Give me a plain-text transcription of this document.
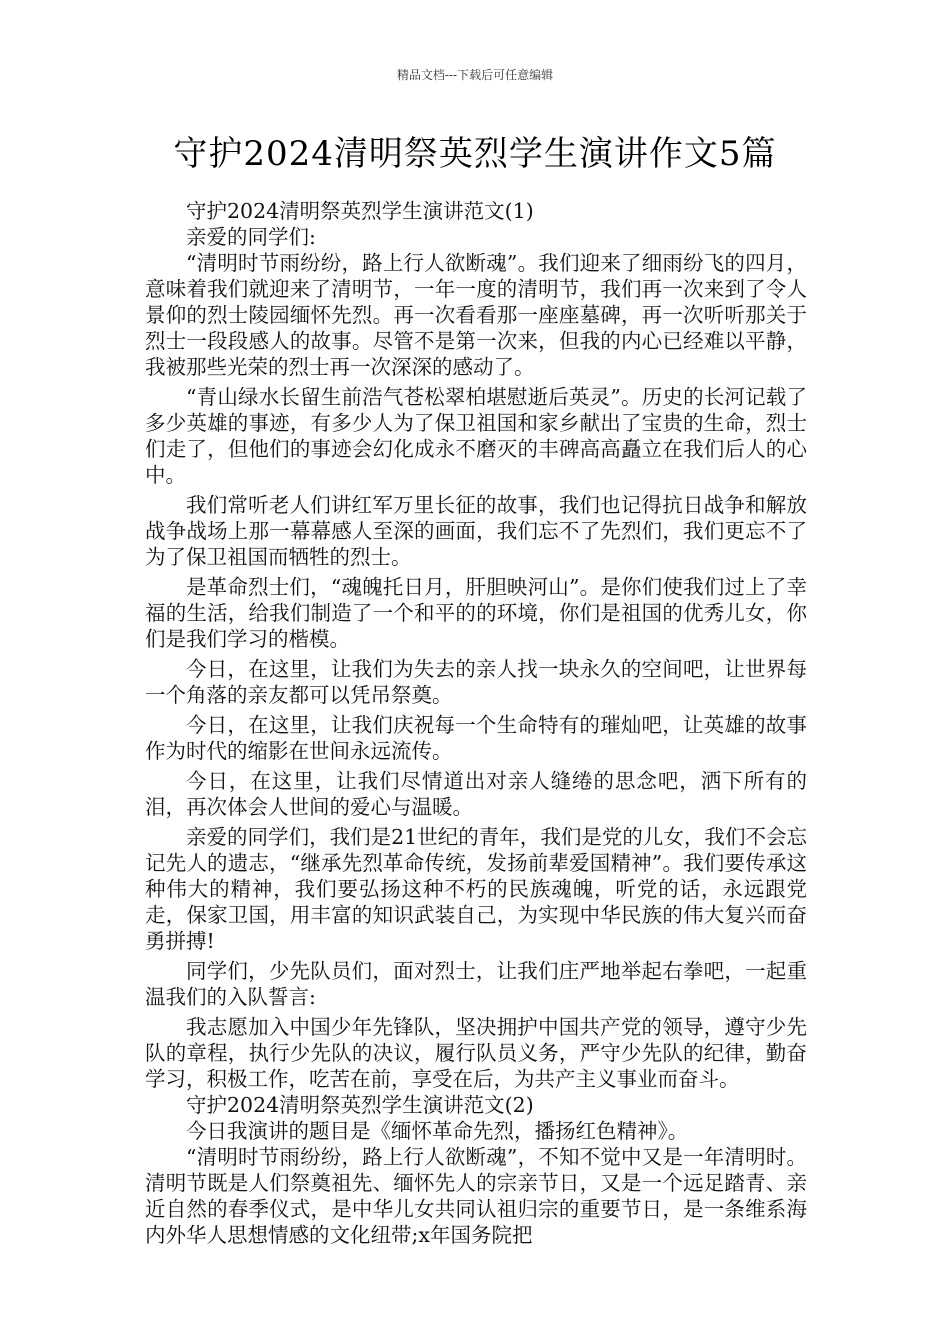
精品文档---下载后可任意编辑
守护2024清明祭英烈学生演讲作文5篇

守护2024清明祭英烈学生演讲范文(1)

亲爱的同学们:

“清明时节雨纷纷，路上行人欲断魂”。我们迎来了细雨纷飞的四月，意味着我们就迎来了清明节，一年一度的清明节，我们再一次来到了令人景仰的烈士陵园缅怀先烈。再一次看看那一座座墓碑，再一次听听那关于烈士一段段感人的故事。尽管不是第一次来，但我的内心已经难以平静，我被那些光荣的烈士再一次深深的感动了。

“青山绿水长留生前浩气苍松翠柏堪慰逝后英灵”。历史的长河记载了多少英雄的事迹，有多少人为了保卫祖国和家乡献出了宝贵的生命，烈士们走了，但他们的事迹会幻化成永不磨灭的丰碑高高矗立在我们后人的心中。

我们常听老人们讲红军万里长征的故事，我们也记得抗日战争和解放战争战场上那一幕幕感人至深的画面，我们忘不了先烈们，我们更忘不了为了保卫祖国而牺牲的烈士。

是革命烈士们，“魂魄托日月，肝胆映河山”。是你们使我们过上了幸福的生活，给我们制造了一个和平的的环境，你们是祖国的优秀儿女，你们是我们学习的楷模。

今日，在这里，让我们为失去的亲人找一块永久的空间吧，让世界每一个角落的亲友都可以凭吊祭奠。

今日，在这里，让我们庆祝每一个生命特有的璀灿吧，让英雄的故事作为时代的缩影在世间永远流传。

今日，在这里，让我们尽情道出对亲人缝绻的思念吧，洒下所有的泪，再次体会人世间的爱心与温暖。

亲爱的同学们，我们是21世纪的青年，我们是党的儿女，我们不会忘记先人的遗志，“继承先烈革命传统，发扬前辈爱国精神”。我们要传承这种伟大的精神，我们要弘扬这种不朽的民族魂魄，听党的话，永远跟党走，保家卫国，用丰富的知识武装自己，为实现中华民族的伟大复兴而奋勇拼搏!

同学们，少先队员们，面对烈士，让我们庄严地举起右拳吧，一起重温我们的入队誓言:

我志愿加入中国少年先锋队，坚决拥护中国共产党的领导，遵守少先队的章程，执行少先队的决议，履行队员义务，严守少先队的纪律，勤奋学习，积极工作，吃苦在前，享受在后，为共产主义事业而奋斗。

守护2024清明祭英烈学生演讲范文(2)

今日我演讲的题目是《缅怀革命先烈，播扬红色精神》。

“清明时节雨纷纷，路上行人欲断魂”，不知不觉中又是一年清明时。清明节既是人们祭奠祖先、缅怀先人的宗亲节日，又是一个远足踏青、亲近自然的春季仪式，是中华儿女共同认祖归宗的重要节日，是一条维系海内外华人思想情感的文化纽带;x年国务院把
